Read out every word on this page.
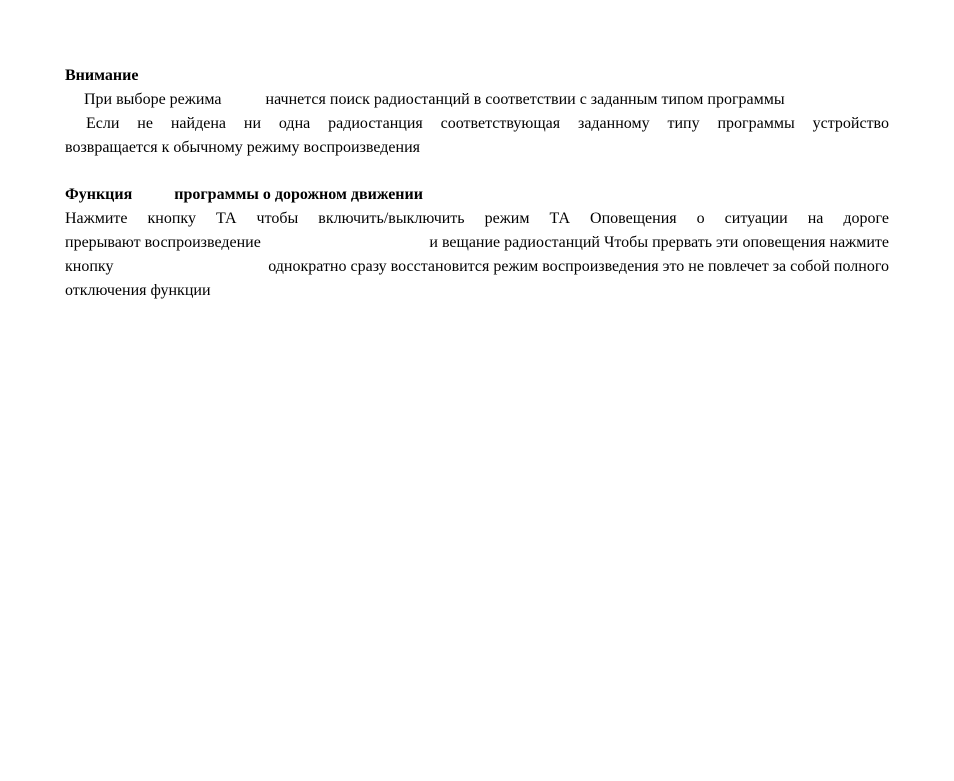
Внимание
При выборе режима	начнется поиск радиостанций в соответствии с заданным типом программы
Если не найдена ни одна радиостанция соответствующая заданному типу программы устройство
возвращается к обычному режиму воспроизведения
Функция	программы о дорожном движении
Нажмите кнопку ТА чтобы включить/выключить режим ТА Оповещения о ситуации на дороге
прерывают воспроизведение	и вещание радиостанций Чтобы прервать эти оповещения нажмите
кнопку	однократно сразу восстановится режим воспроизведения это не повлечет за собой полного
отключения функции
